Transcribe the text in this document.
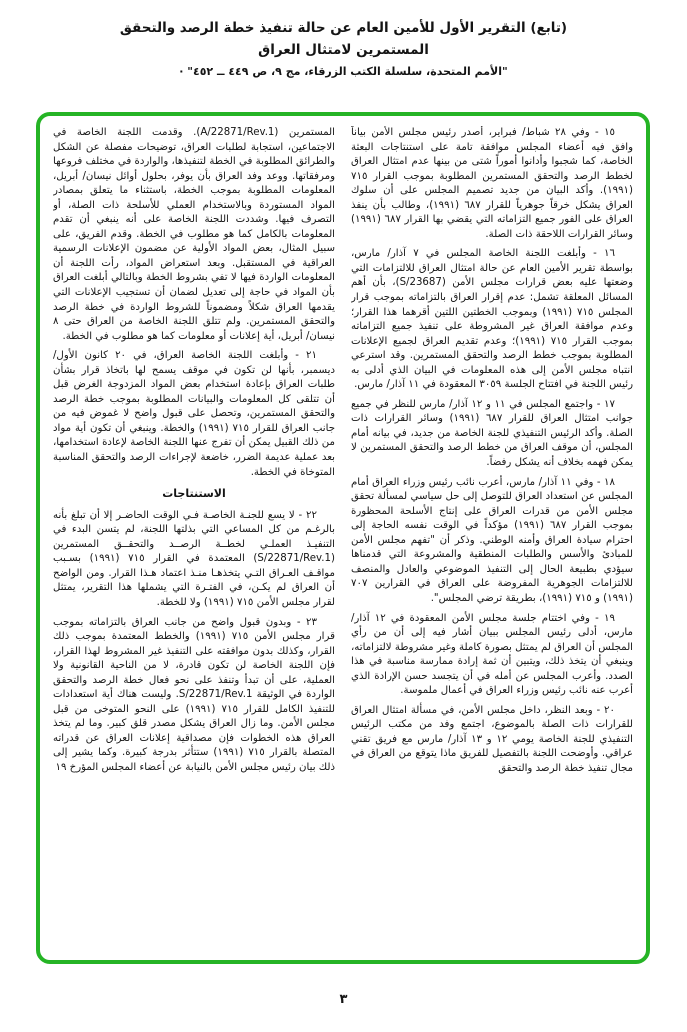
(تابع) التقرير الأول للأمين العام عن حالة تنفيذ خطة الرصد والتحقق
المستمرين لامتثال العراق
"الأمم المتحدة، سلسلة الكتب الزرقاء، مج ٩، ص ٤٤٩ ــ ٤٥٢" ·

١٥ - وفي ٢٨ شباط/ فبراير، أصدر رئيس مجلس الأمن بياناً وافق فيه أعضاء المجلس موافقة تامة على استنتاجات البعثة الخاصة، كما شجبوا وأدانوا أموراً شتى من بينها عدم امتثال العراق لخطط الرصد والتحقق المستمرين المطلوبة بموجب القرار ٧١٥ (١٩٩١). وأكد البيان من جديد تصميم المجلس على أن سلوك العراق يشكل خرقاً جوهرياً للقرار ٦٨٧ (١٩٩١)، وطالب بأن ينفذ العراق على الفور جميع التزاماته التي يقضي بها القرار ٦٨٧ (١٩٩١) وسائر القرارات اللاحقة ذات الصلة.

١٦ - وأبلغت اللجنة الخاصة المجلس في ٧ آذار/ مارس، بواسطة تقرير الأمين العام عن حالة امتثال العراق للالتزامات التي وضعتها عليه بعض قرارات مجلس الأمن (S/23687)، بأن أهم المسائل المعلقة تشمل: عدم إقرار العراق بالتزاماته بموجب قرار المجلس ٧١٥ (١٩٩١) وبموجب الخطتين اللتين أقرهما هذا القرار؛ وعدم موافقة العراق غير المشروطة على تنفيذ جميع التزاماته بموجب القرار ٧١٥ (١٩٩١)؛ وعدم تقديم العراق لجميع الإعلانات المطلوبة بموجب خطط الرصد والتحقق المستمرين. وقد استرعي انتباه مجلس الأمن إلى هذه المعلومات في البيان الذي أدلى به رئيس اللجنة في افتتاح الجلسة ٣٠٥٩ المعقودة في ١١ آذار/ مارس.

١٧ - واجتمع المجلس في ١١ و ١٢ آذار/ مارس للنظر في جميع جوانب امتثال العراق للقرار ٦٨٧ (١٩٩١) وسائر القرارات ذات الصلة. وأكد الرئيس التنفيذي للجنة الخاصة من جديد، في بيانه أمام المجلس، أن موقف العراق من خطط الرصد والتحقق المستمرين لا يمكن فهمه بخلاف أنه يشكل رفضاً.

١٨ - وفي ١١ آذار/ مارس، أعرب نائب رئيس وزراء العراق أمام المجلس عن استعداد العراق للتوصل إلى حل سياسي لمسألة تحقق مجلس الأمن من قدرات العراق على إنتاج الأسلحة المحظورة بموجب القرار ٦٨٧ (١٩٩١) مؤكداً في الوقت نفسه الحاجة إلى احترام سيادة العراق وأمنه الوطني. وذكر أن "تفهم مجلس الأمن للمبادئ والأسس والطلبات المنطقية والمشروعة التي قدمناها سيؤدي بطبيعة الحال إلى التنفيذ الموضوعي والعادل والمنصف للالتزامات الجوهرية المفروضة على العراق في القرارين ٧٠٧ (١٩٩١) و ٧١٥ (١٩٩١)، بطريقة ترضي المجلس".

١٩ - وفي اختتام جلسة مجلس الأمن المعقودة في ١٢ آذار/ مارس، أدلى رئيس المجلس ببيان أشار فيه إلى أن من رأي المجلس أن العراق لم يمتثل بصورة كاملة وغير مشروطة لالتزاماته، وينبغي أن يتخذ ذلك، ويتبين أن ثمة إرادة ممارسة مناسبة في هذا الصدد. وأعرب المجلس عن أمله في أن يتجسد حسن الإرادة الذي أعرب عنه نائب رئيس وزراء العراق في أعمال ملموسة.

٢٠ - وبعد النظر، داخل مجلس الأمن، في مسألة امتثال العراق للقرارات ذات الصلة بالموضوع، اجتمع وفد من مكتب الرئيس التنفيذي للجنة الخاصة يومي ١٢ و ١٣ آذار/ مارس مع فريق تقني عراقي. وأوضحت اللجنة بالتفصيل للفريق ماذا يتوقع من العراق في مجال تنفيذ خطة الرصد والتحقق

المستمرين (A/22871/Rev.1). وقدمت اللجنة الخاصة في الاجتماعين، استجابة لطلبات العراق، توضيحات مفصلة عن الشكل والطرائق المطلوبة في الخطة لتنفيذها، والواردة في مختلف فروعها ومرفقاتها. ووعد وفد العراق بأن يوفر، بحلول أوائل نيسان/ أبريل، المعلومات المطلوبة بموجب الخطة، باستثناء ما يتعلق بمصادر المواد المستوردة وبالاستخدام العملي للأسلحة ذات الصلة، أو التصرف فيها. وشددت اللجنة الخاصة على أنه ينبغي أن تقدم المعلومات بالكامل كما هو مطلوب في الخطة. وقدم الفريق، على سبيل المثال، بعض المواد الأولية عن مضمون الإعلانات الرسمية العراقية في المستقبل. وبعد استعراض المواد، رأت اللجنة أن المعلومات الواردة فيها لا تفي بشروط الخطة وبالتالي أبلغت العراق بأن المواد في حاجة إلى تعديل لضمان أن تستجيب الإعلانات التي يقدمها العراق شكلاً ومضموناً للشروط الواردة في خطة الرصد والتحقق المستمرين. ولم تتلق اللجنة الخاصة من العراق حتى ٨ نيسان/ أبريل، أية إعلانات أو معلومات كما هو مطلوب في الخطة.

٢١ - وأبلغت اللجنة الخاصة العراق، في ٢٠ كانون الأول/ ديسمبر، بأنها لن تكون في موقف يسمح لها باتخاذ قرار بشأن طلبات العراق بإعادة استخدام بعض المواد المزدوجة الغرض قبل أن تتلقى كل المعلومات والبيانات المطلوبة بموجب خطة الرصد والتحقق المستمرين، وتحصل على قبول واضح لا غموض فيه من جانب العراق للقرار ٧١٥ (١٩٩١) والخطة. وينبغي أن تكون أية مواد من ذلك القبيل يمكن أن تفرج عنها اللجنة الخاصة لإعادة استخدامها، بعد عملية عديمة الضرر، خاضعة لإجراءات الرصد والتحقق المناسبة المتوخاة في الخطة.

الاستنتاجات

٢٢ - لا يسع للجنـة الخاصـة فـي الوقت الحاضـر إلا أن تبلغ بأنه بالرغـم من كل المساعي التي بذلتها اللجنة، لم يتسن البدء في التنفيـذ العملـي لخطــة الرصــد والتحقــق المستمرين (S/22871/Rev.1) المعتمدة في القرار ٧١٥ (١٩٩١) بسـبب مواقـف العـراق التـي يتخذهـا منـذ اعتماد هـذا القرار. ومن الواضح أن العراق لم يكـن، في الفتـرة التي يشملها هذا التقرير، يمتثل لقرار مجلس الأمن ٧١٥ (١٩٩١) ولا للخطة.

٢٣ - وبدون قبول واضح من جانب العراق بالتزاماته بموجب قرار مجلس الأمن ٧١٥ (١٩٩١) والخطط المعتمدة بموجب ذلك القرار، وكذلك بدون موافقته على التنفيذ غير المشروط لهذا القرار، فإن اللجنة الخاصة لن تكون قادرة، لا من الناحية القانونية ولا العملية، على أن تبدأ وتنفذ على نحو فعال خطة الرصد والتحقق الواردة في الوثيقة S/22871/Rev.1. وليست هناك أية استعدادات للتنفيذ الكامل للقرار ٧١٥ (١٩٩١) على النحو المتوخى من قبل مجلس الأمن. وما زال العراق يشكل مصدر قلق كبير. وما لم يتخذ العراق هذه الخطوات فإن مصداقية إعلانات العراق عن قدراته المتصلة بالقرار ٧١٥ (١٩٩١) ستتأثر بدرجة كبيرة. وكما يشير إلى ذلك بيان رئيس مجلس الأمن بالنيابة عن أعضاء المجلس المؤرخ ١٩

٣
